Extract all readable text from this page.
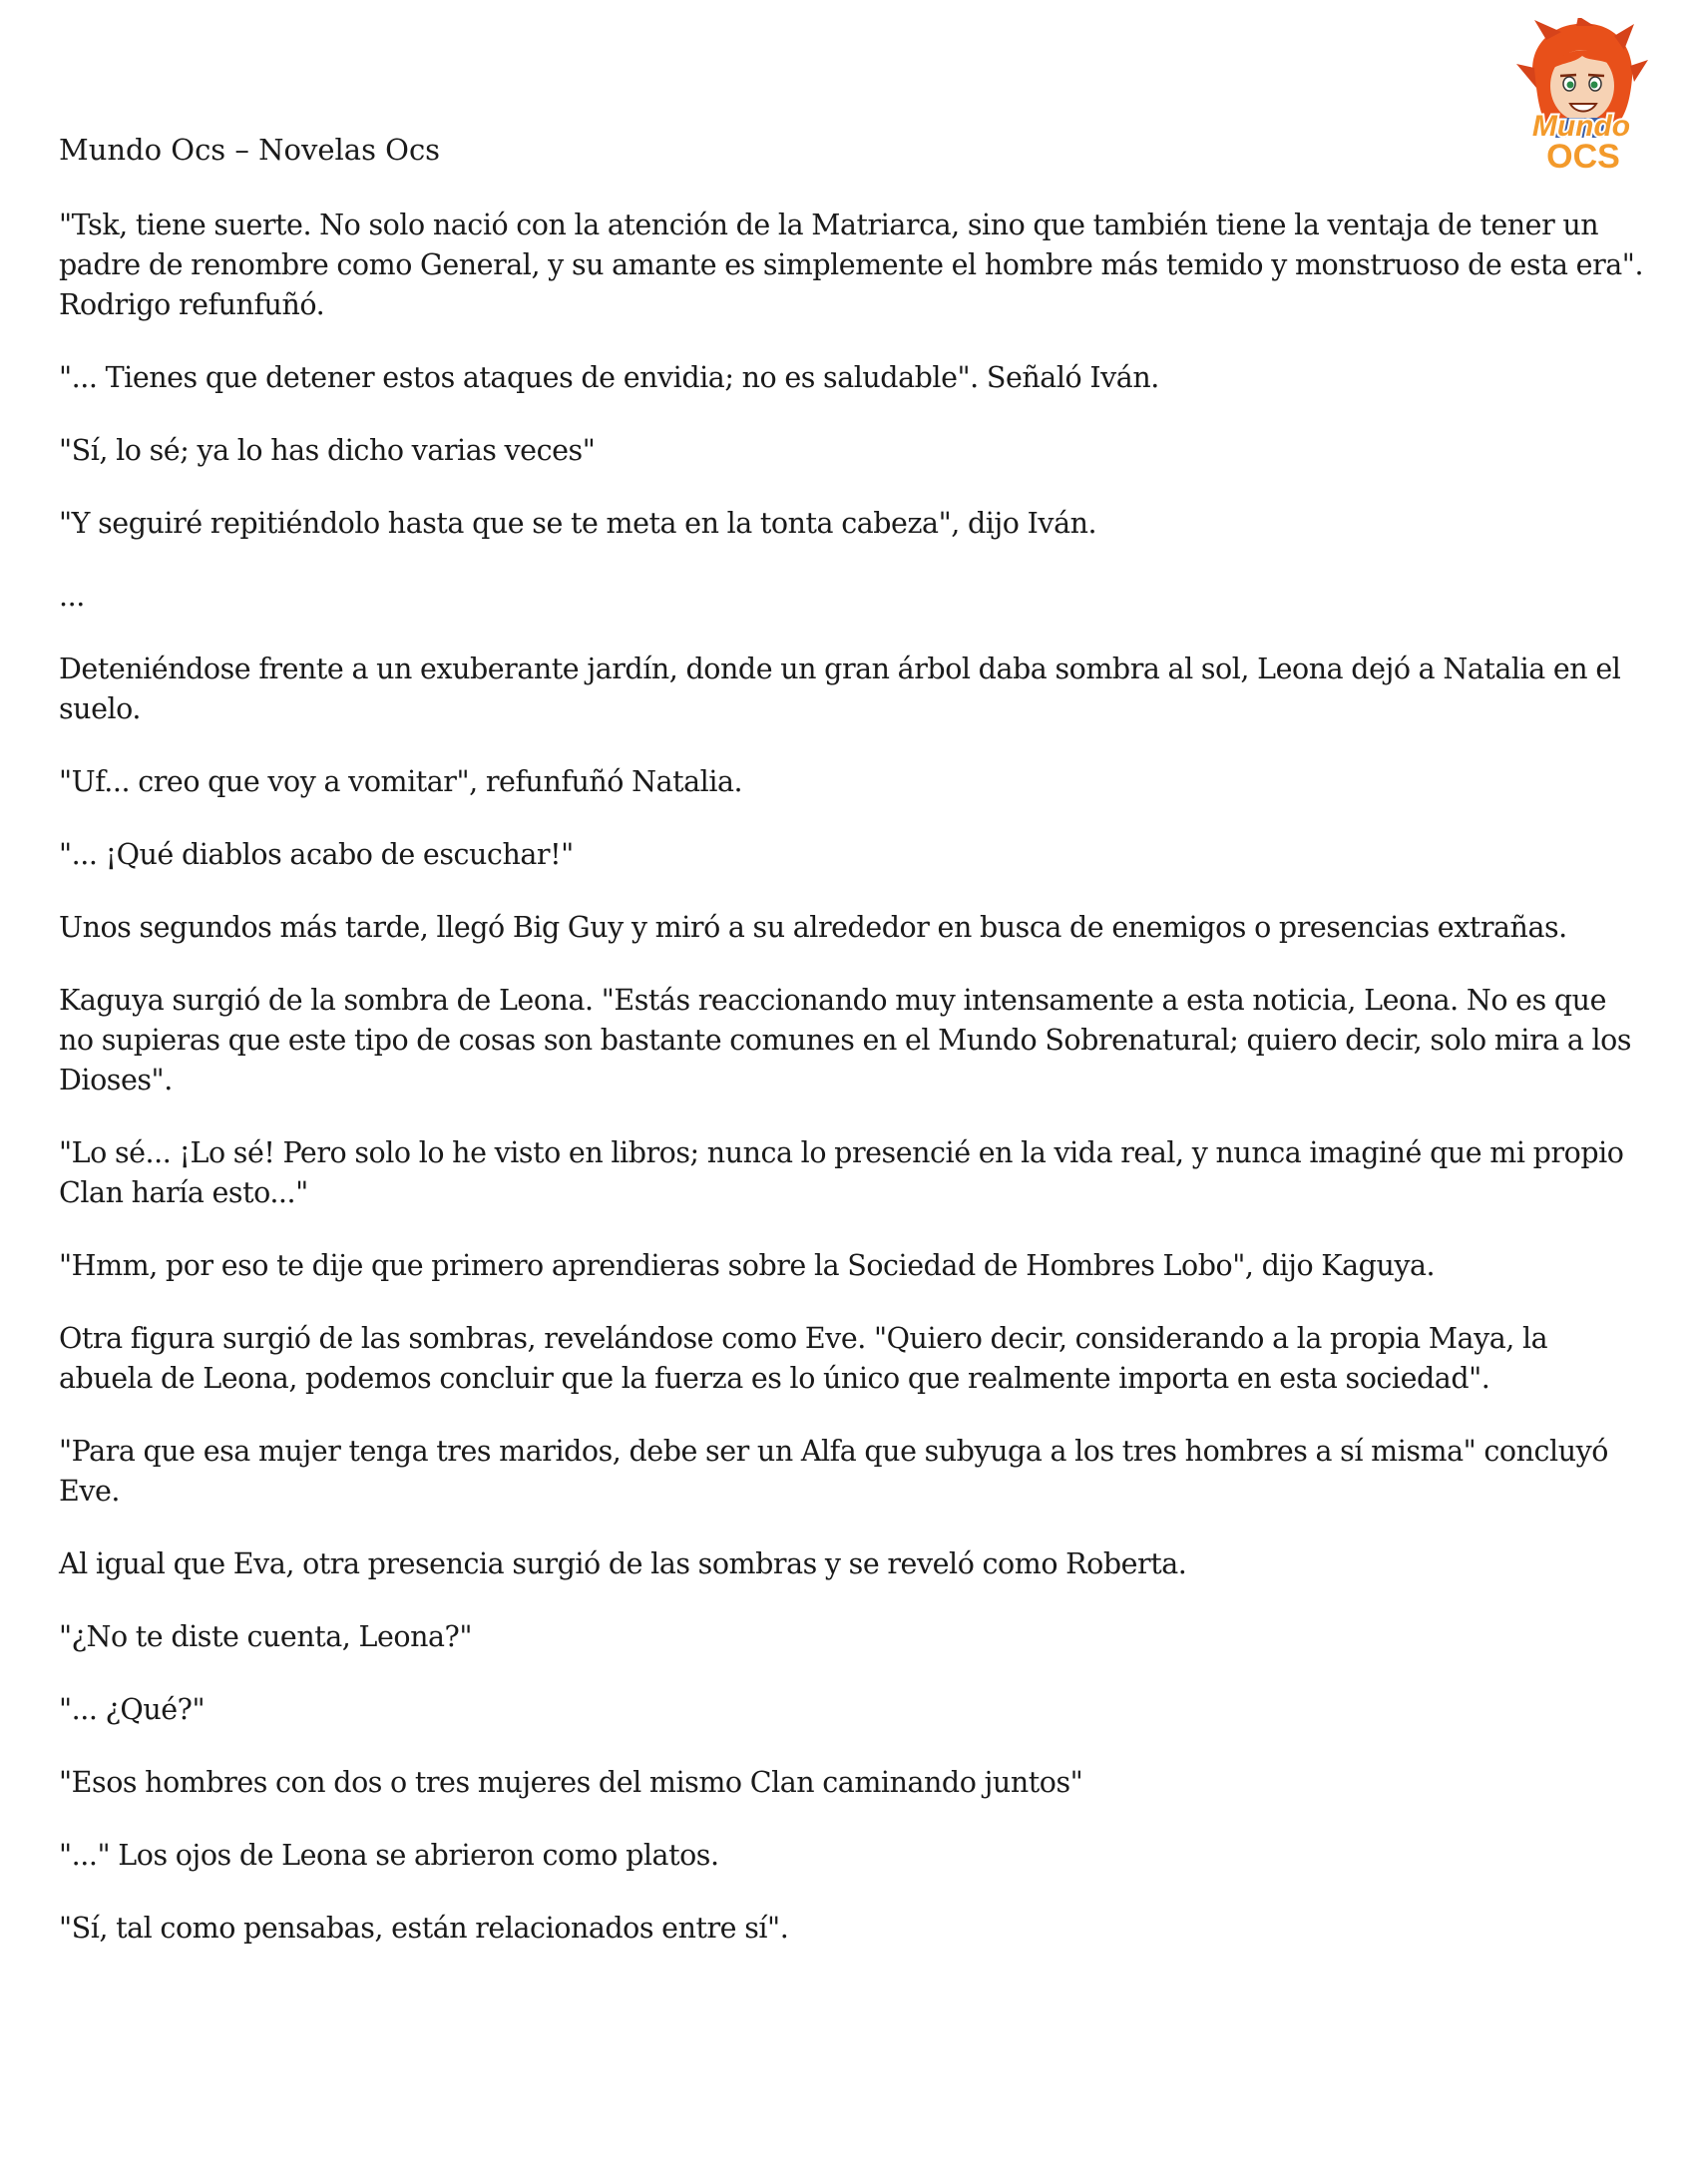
Mundo Ocs – Novelas Ocs

Mundo
OCS

"Tsk, tiene suerte. No solo nació con la atención de la Matriarca, sino que también tiene la ventaja de tener un padre de renombre como General, y su amante es simplemente el hombre más temido y monstruoso de esta era". Rodrigo refunfuñó.

"... Tienes que detener estos ataques de envidia; no es saludable". Señaló Iván.

"Sí, lo sé; ya lo has dicho varias veces"

"Y seguiré repitiéndolo hasta que se te meta en la tonta cabeza", dijo Iván.

...

Deteniéndose frente a un exuberante jardín, donde un gran árbol daba sombra al sol, Leona dejó a Natalia en el suelo.

"Uf... creo que voy a vomitar", refunfuñó Natalia.

"... ¡Qué diablos acabo de escuchar!"

Unos segundos más tarde, llegó Big Guy y miró a su alrededor en busca de enemigos o presencias extrañas.

Kaguya surgió de la sombra de Leona. "Estás reaccionando muy intensamente a esta noticia, Leona. No es que no supieras que este tipo de cosas son bastante comunes en el Mundo Sobrenatural; quiero decir, solo mira a los Dioses".

"Lo sé... ¡Lo sé! Pero solo lo he visto en libros; nunca lo presencié en la vida real, y nunca imaginé que mi propio Clan haría esto..."

"Hmm, por eso te dije que primero aprendieras sobre la Sociedad de Hombres Lobo", dijo Kaguya.

Otra figura surgió de las sombras, revelándose como Eve. "Quiero decir, considerando a la propia Maya, la abuela de Leona, podemos concluir que la fuerza es lo único que realmente importa en esta sociedad".

"Para que esa mujer tenga tres maridos, debe ser un Alfa que subyuga a los tres hombres a sí misma" concluyó Eve.

Al igual que Eva, otra presencia surgió de las sombras y se reveló como Roberta.

"¿No te diste cuenta, Leona?"

"... ¿Qué?"

"Esos hombres con dos o tres mujeres del mismo Clan caminando juntos"

"..." Los ojos de Leona se abrieron como platos.

"Sí, tal como pensabas, están relacionados entre sí".
